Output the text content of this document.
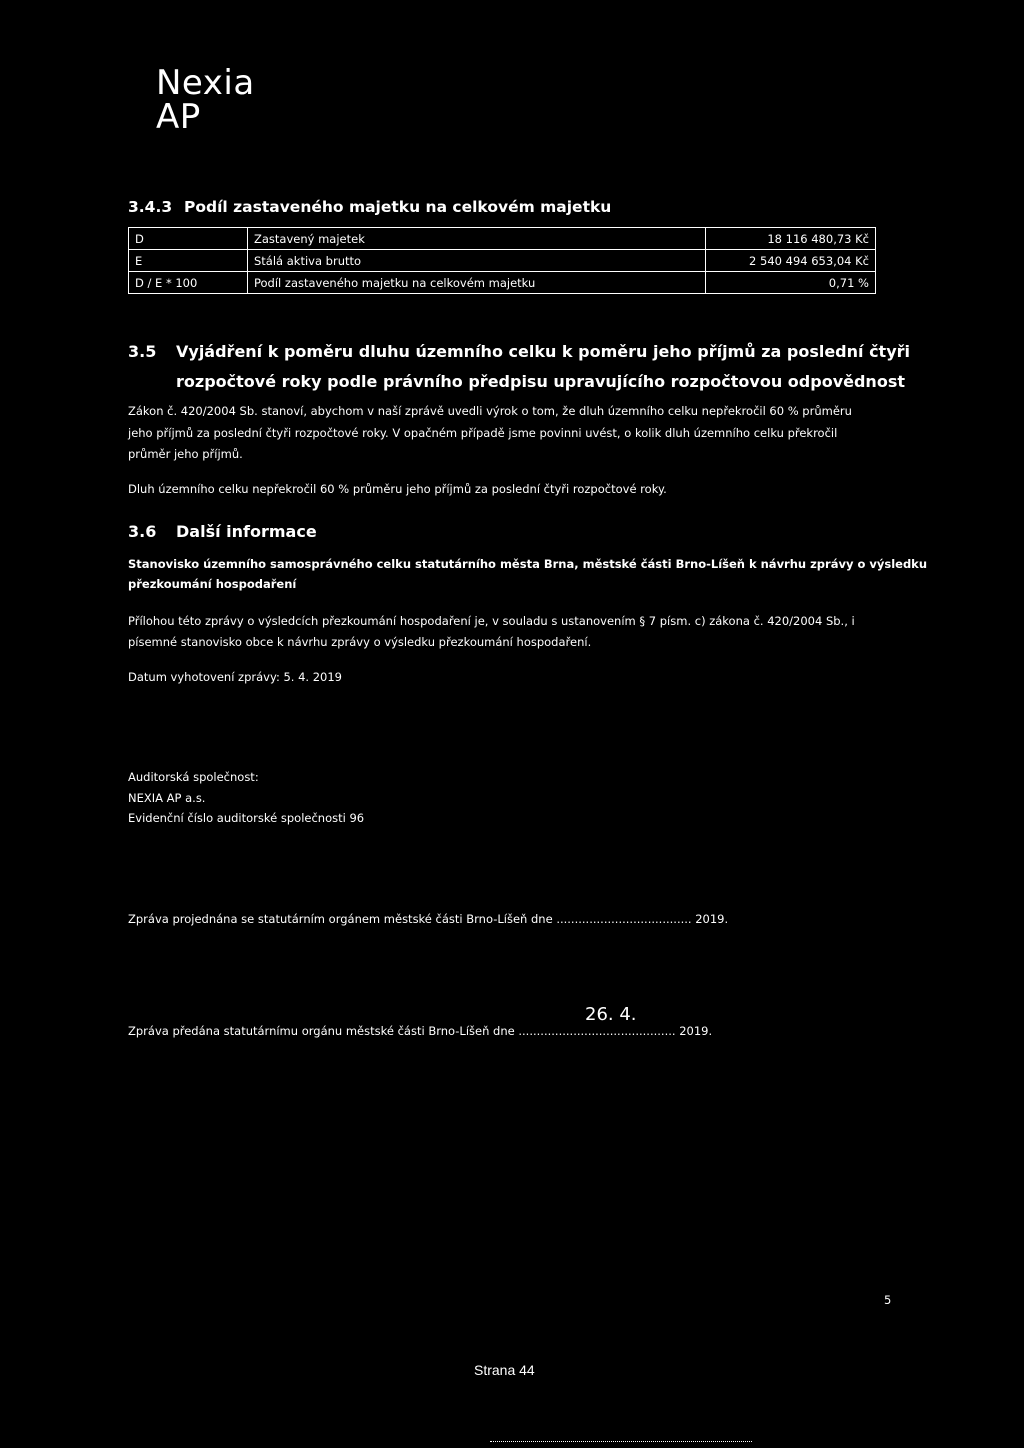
Nexia
AP
3.4.3 Podíl zastaveného majetku na celkovém majetku
D	Zastavený majetek	18 116 480,73 Kč
E	Stálá aktiva brutto	2 540 494 653,04 Kč
D / E * 100	Podíl zastaveného majetku na celkovém majetku	0,71 %
3.5 Vyjádření k poměru dluhu územního celku k poměru jeho příjmů za poslední čtyři
rozpočtové roky podle právního předpisu upravujícího rozpočtovou odpovědnost
Zákon č. 420/2004 Sb. stanoví, abychom v naší zprávě uvedli výrok o tom, že dluh územního celku nepřekročil 60 % průměru
jeho příjmů za poslední čtyři rozpočtové roky. V opačném případě jsme povinni uvést, o kolik dluh územního celku překročil
průměr jeho příjmů.
Dluh územního celku nepřekročil 60 % průměru jeho příjmů za poslední čtyři rozpočtové roky.
3.6 Další informace
Stanovisko územního samosprávného celku statutárního města Brna, městské části Brno-Líšeň k návrhu zprávy o výsledku
přezkoumání hospodaření
Přílohou této zprávy o výsledcích přezkoumání hospodaření je, v souladu s ustanovením § 7 písm. c) zákona č. 420/2004 Sb., i
písemné stanovisko obce k návrhu zprávy o výsledku přezkoumání hospodaření.
Datum vyhotovení zprávy: 5. 4. 2019
Auditorská společnost:
NEXIA AP a.s.
Evidenční číslo auditorské společnosti 96
Zpráva projednána se statutárním orgánem městské části Brno-Líšeň dne ..................................... 2019.
26. 4.
Zpráva předána statutárnímu orgánu městské části Brno-Líšeň dne ........................................... 2019.
5
Strana 44
